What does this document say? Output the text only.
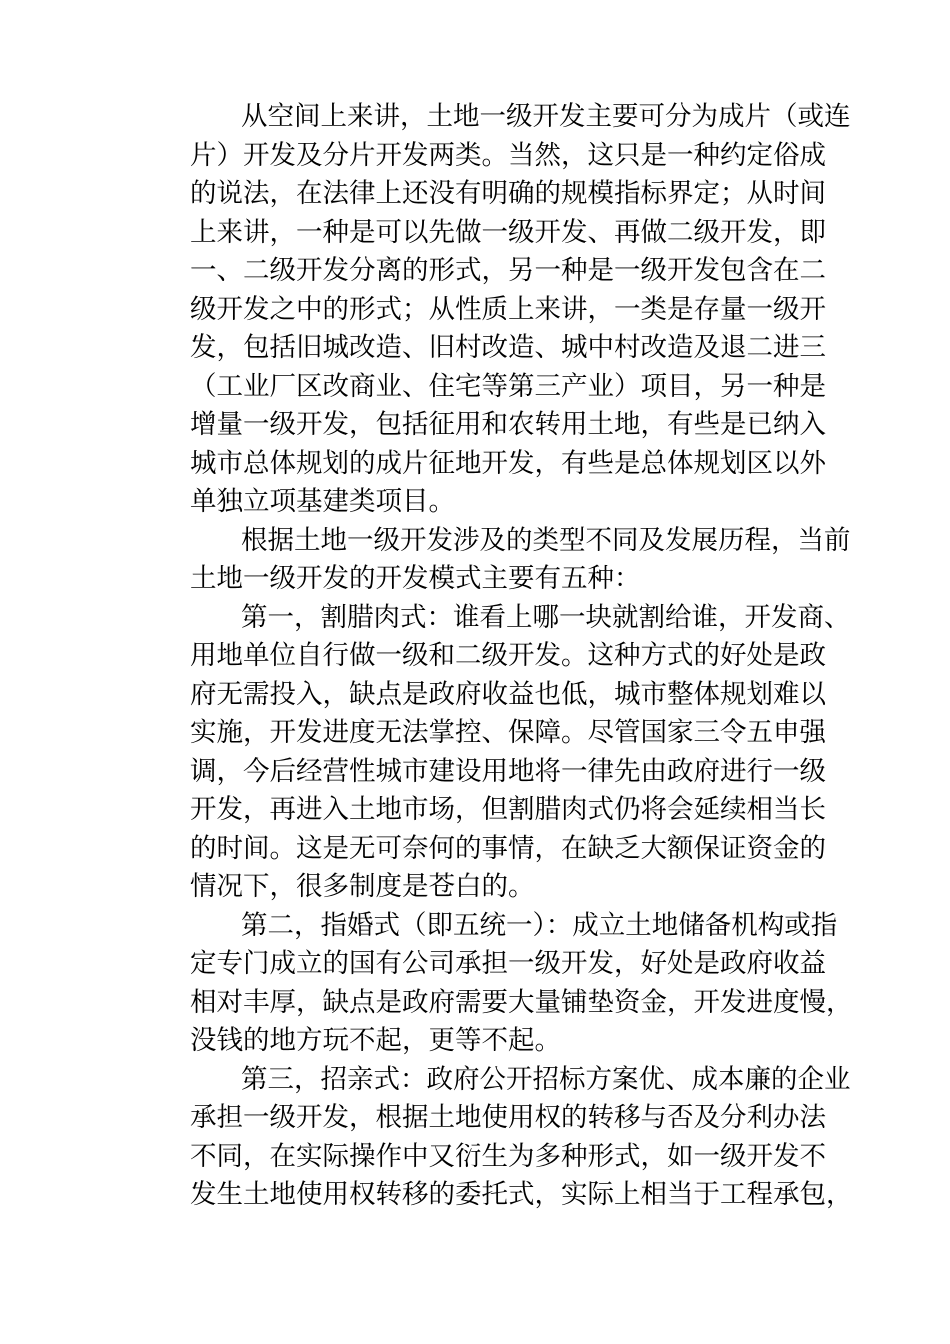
从空间上来讲，土地一级开发主要可分为成片（或连
片）开发及分片开发两类。当然，这只是一种约定俗成
的说法，在法律上还没有明确的规模指标界定；从时间
上来讲，一种是可以先做一级开发、再做二级开发，即
一、二级开发分离的形式，另一种是一级开发包含在二
级开发之中的形式；从性质上来讲，一类是存量一级开
发，包括旧城改造、旧村改造、城中村改造及退二进三
（工业厂区改商业、住宅等第三产业）项目，另一种是
增量一级开发，包括征用和农转用土地，有些是已纳入
城市总体规划的成片征地开发，有些是总体规划区以外
单独立项基建类项目。
根据土地一级开发涉及的类型不同及发展历程，当前
土地一级开发的开发模式主要有五种：
第一，割腊肉式：谁看上哪一块就割给谁，开发商、
用地单位自行做一级和二级开发。这种方式的好处是政
府无需投入，缺点是政府收益也低，城市整体规划难以
实施，开发进度无法掌控、保障。尽管国家三令五申强
调，今后经营性城市建设用地将一律先由政府进行一级
开发，再进入土地市场，但割腊肉式仍将会延续相当长
的时间。这是无可奈何的事情，在缺乏大额保证资金的
情况下，很多制度是苍白的。
第二，指婚式（即五统一）：成立土地储备机构或指
定专门成立的国有公司承担一级开发，好处是政府收益
相对丰厚，缺点是政府需要大量铺垫资金，开发进度慢，
没钱的地方玩不起，更等不起。
第三，招亲式：政府公开招标方案优、成本廉的企业
承担一级开发，根据土地使用权的转移与否及分利办法
不同，在实际操作中又衍生为多种形式，如一级开发不
发生土地使用权转移的委托式，实际上相当于工程承包，
